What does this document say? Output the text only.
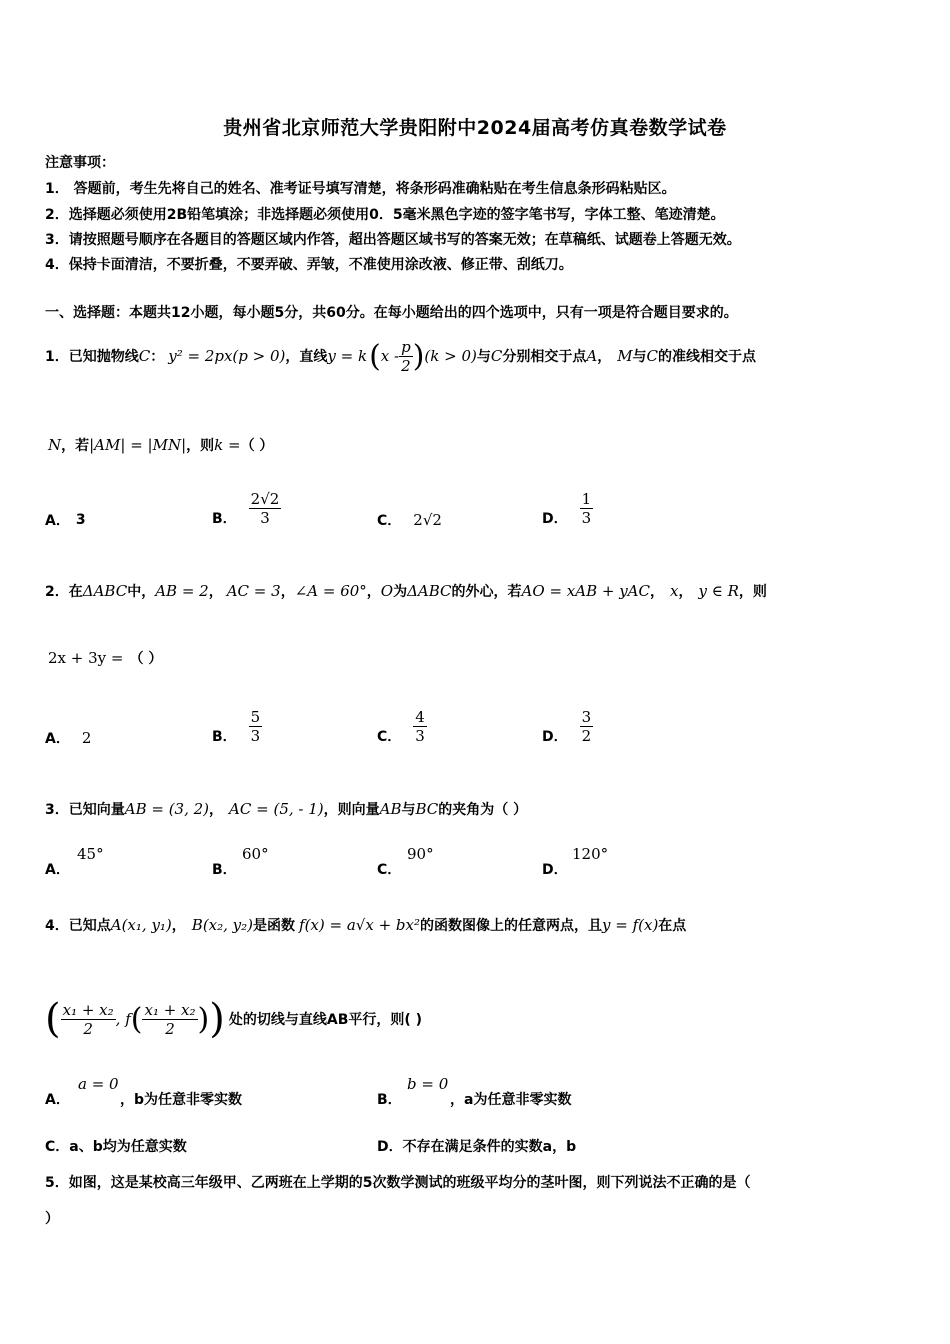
贵州省北京师范大学贵阳附中2024届高考仿真卷数学试卷
注意事项：
1． 答题前，考生先将自己的姓名、准考证号填写清楚，将条形码准确粘贴在考生信息条形码粘贴区。
2．选择题必须使用2B铅笔填涂；非选择题必须使用0．5毫米黑色字迹的签字笔书写，字体工整、笔迹清楚。
3．请按照题号顺序在各题目的答题区域内作答，超出答题区域书写的答案无效；在草稿纸、试题卷上答题无效。
4．保持卡面清洁，不要折叠，不要弄破、弄皱，不准使用涂改液、修正带、刮纸刀。
一、选择题：本题共12小题，每小题5分，共60分。在每小题给出的四个选项中，只有一项是符合题目要求的。
1．已知抛物线 C ： y² = 2px(p > 0) ，直线 y = k ( x - $\frac{p}{2}$ ) (k > 0) 与 C 分别相交于点 A ， M 与 C 的准线相交于点
N ，若 |AM| = |MN| ，则 k = （ ）
A． 3	B． $\frac{2√2}{3}$	C． 2√2	D． $\frac{1}{3}$
2．在 ΔABC 中， AB = 2 ， AC = 3 ， ∠A = 60° ， O 为 ΔABC 的外心，若 AO = xAB + yAC ， x ， y ∈ R ，则
2x + 3y = （ ）
A． 2	B． $\frac{5}{3}$	C． $\frac{4}{3}$	D． $\frac{3}{2}$
3．已知向量 AB = (3, 2) ， AC = (5, - 1) ，则向量 AB 与 BC 的夹角为（ ）
A．
45°
B．
60°
C．
90°
D．
120°
4．已知点 A(x₁, y₁) ， B(x₂, y₂) 是函数 f(x) = a√x + bx² 的函数图像上的任意两点，且 y = f(x) 在点
( $\frac{\text{x₁ + x₂}}{2}$ , f ( $\frac{\text{x₁ + x₂}}{2}$ ) ) 处的切线与直线AB平行，则( )
A．
a = 0
，b为任意非零实数	B．
b = 0
，a为任意非零实数
C．a、b均为任意实数	D．不存在满足条件的实数a，b
5．如图，这是某校高三年级甲、乙两班在上学期的5次数学测试的班级平均分的茎叶图，则下列说法不正确的是（
）
